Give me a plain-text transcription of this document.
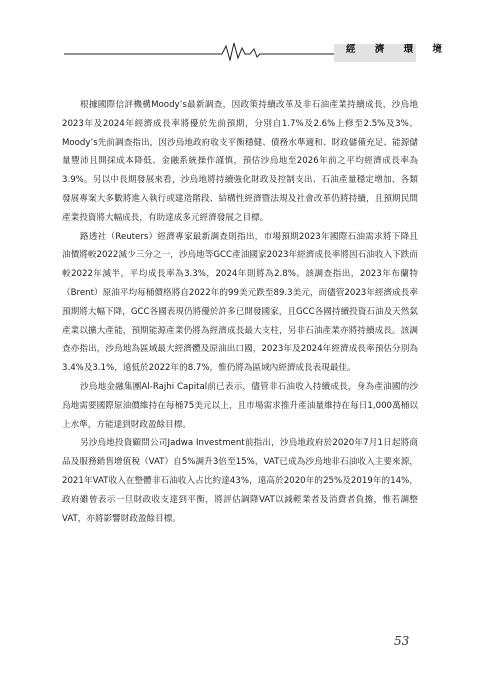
經 濟 環 境

根據國際信評機構Moody’s最新調查，因政策持續改革及非石油產業持續成長，沙烏地2023年及2024年經濟成長率將優於先前預期，分別自1.7%及2.6%上修至2.5%及3%。Moody’s先前調查指出，因沙烏地政府收支平衡穩健、債務水準適和、財政儲備充足、能源儲量豐沛且開採成本降低、金融系統操作謹慎，預估沙烏地至2026年前之平均經濟成長率為3.9%。另以中長期發展來看，沙烏地將持續強化財政及控制支出、石油產量穩定增加、各類發展專案大多數將進入執行或建造階段、結構性經濟暨法規及社會改革仍將持續，且預期民間產業投資將大幅成長，有助達成多元經濟發展之目標。

路透社（Reuters）經濟專家最新調查則指出，市場預期2023年國際石油需求將下降且油價將較2022減少三分之一，沙烏地等GCC產油國家2023年經濟成長率將因石油收入下跌而較2022年減半，平均成長率為3.3%，2024年則將為2.8%。該調查指出，2023年布蘭特（Brent）原油平均每桶價格將自2022年的99美元跌至89.3美元，而儘管2023年經濟成長率預期將大幅下降，GCC各國表現仍將優於許多已開發國家，且GCC各國持續投資石油及天然氣產業以擴大產能，預期能源產業仍將為經濟成長最大支柱，另非石油產業亦將持續成長。該調查亦指出，沙烏地為區域最大經濟體及原油出口國，2023年及2024年經濟成長率預估分別為3.4%及3.1%，遠低於2022年的8.7%，惟仍將為區域內經濟成長表現最佳。

沙烏地金融集團Al-Rajhi Capital前已表示，儘管非石油收入持續成長，身為產油國的沙烏地需要國際原油價維持在每桶75美元以上，且市場需求推升產油量維持在每日1,000萬桶以上水準，方能達到財政盈餘目標。

另沙烏地投資顧問公司Jadwa Investment前指出，沙烏地政府於2020年7月1日起將商品及服務銷售增值稅（VAT）自5%調升3倍至15%，VAT已成為沙烏地非石油收入主要來源，2021年VAT收入在整體非石油收入占比約達43%，遠高於2020年的25%及2019年的14%，政府雖曾表示一旦財政收支達到平衡，將評估調降VAT以減輕業者及消費者負擔，惟若調整VAT，亦將影響財政盈餘目標。

53
